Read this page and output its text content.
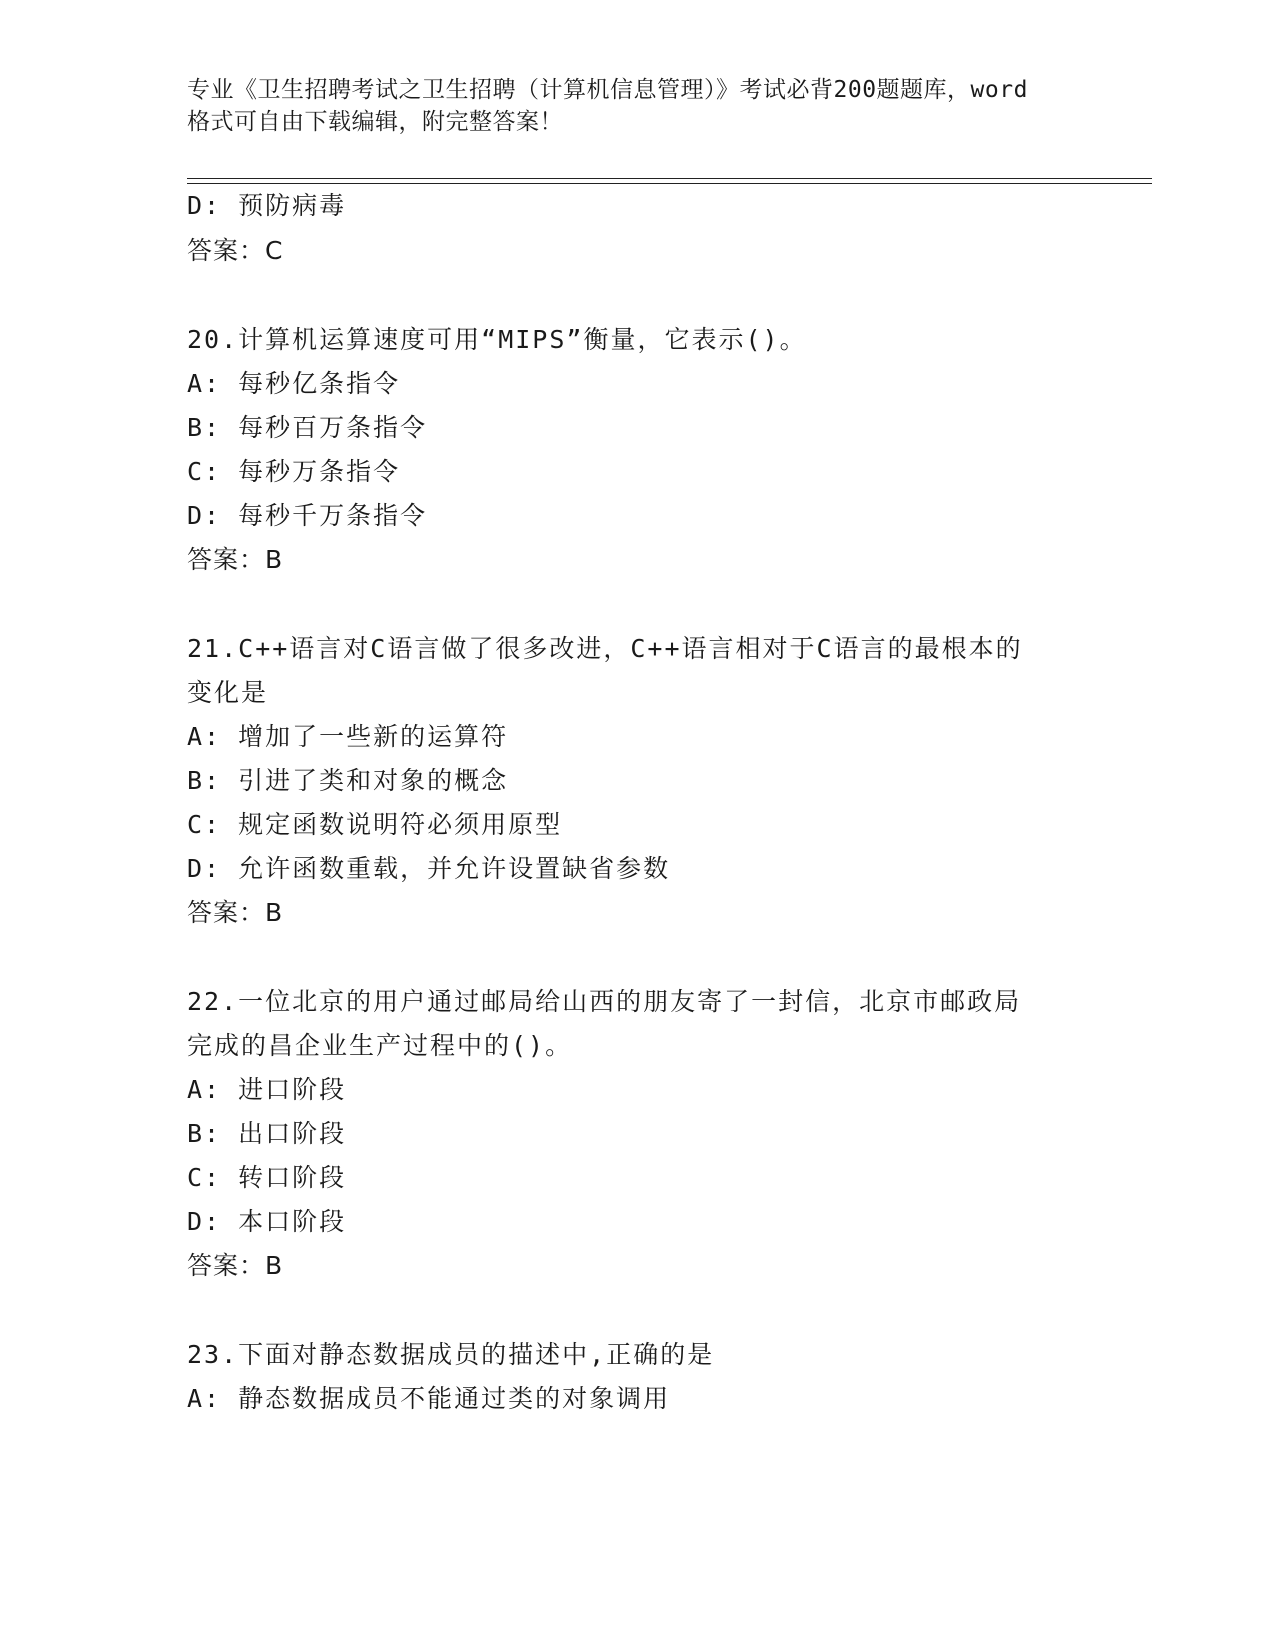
专业《卫生招聘考试之卫生招聘（计算机信息管理）》考试必背200题题库，word
格式可自由下载编辑，附完整答案！
D: 预防病毒
答案：C
20.计算机运算速度可用“MIPS”衡量，它表示()。
A: 每秒亿条指令
B: 每秒百万条指令
C: 每秒万条指令
D: 每秒千万条指令
答案：B
21.C++语言对C语言做了很多改进，C++语言相对于C语言的最根本的
变化是
A: 增加了一些新的运算符
B: 引进了类和对象的概念
C: 规定函数说明符必须用原型
D: 允许函数重载，并允许设置缺省参数
答案：B
22.一位北京的用户通过邮局给山西的朋友寄了一封信，北京市邮政局
完成的昌企业生产过程中的()。
A: 进口阶段
B: 出口阶段
C: 转口阶段
D: 本口阶段
答案：B
23.下面对静态数据成员的描述中,正确的是
A: 静态数据成员不能通过类的对象调用
